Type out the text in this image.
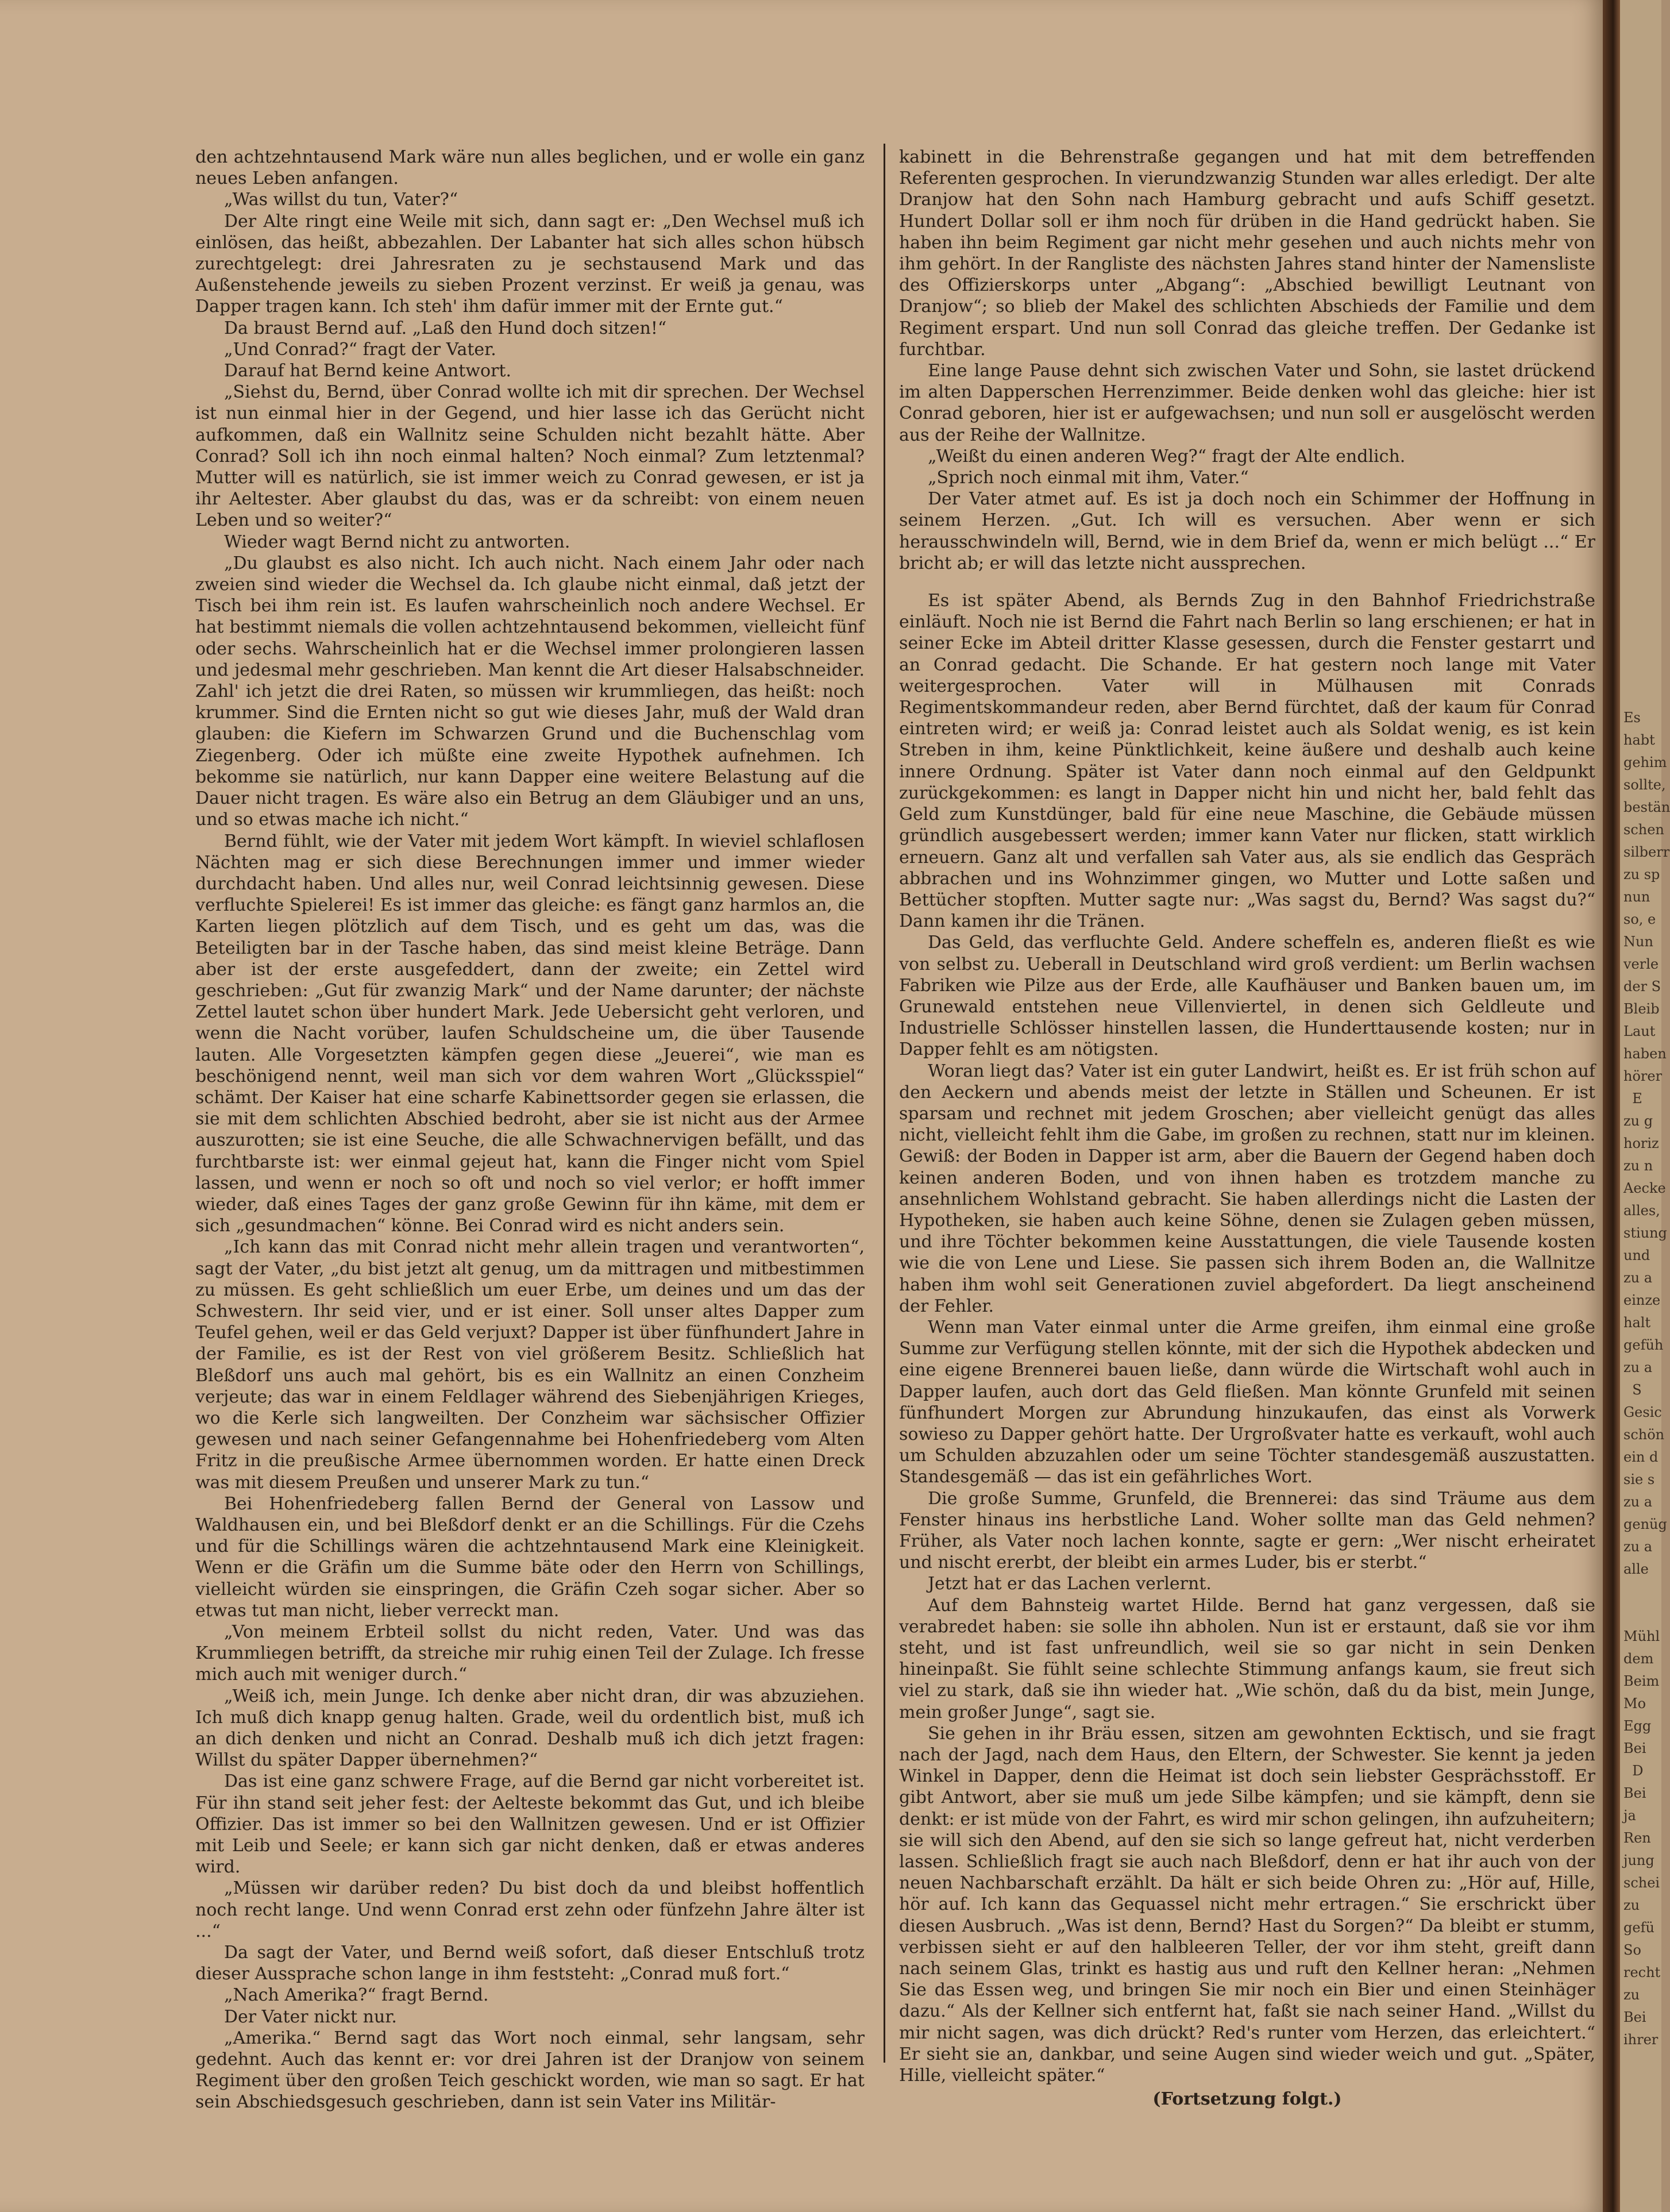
den achtzehntausend Mark wäre nun alles beglichen, und er wolle ein ganz neues Leben anfangen.

„Was willst du tun, Vater?“

Der Alte ringt eine Weile mit sich, dann sagt er: „Den Wechsel muß ich einlösen, das heißt, abbezahlen. Der Labanter hat sich alles schon hübsch zurechtgelegt: drei Jahresraten zu je sechstausend Mark und das Außenstehende jeweils zu sieben Prozent verzinst. Er weiß ja genau, was Dapper tragen kann. Ich steh' ihm dafür immer mit der Ernte gut.“

Da braust Bernd auf. „Laß den Hund doch sitzen!“

„Und Conrad?“ fragt der Vater.

Darauf hat Bernd keine Antwort.

„Siehst du, Bernd, über Conrad wollte ich mit dir sprechen. Der Wechsel ist nun einmal hier in der Gegend, und hier lasse ich das Gerücht nicht aufkommen, daß ein Wallnitz seine Schulden nicht bezahlt hätte. Aber Conrad? Soll ich ihn noch einmal halten? Noch einmal? Zum letztenmal? Mutter will es natürlich, sie ist immer weich zu Conrad gewesen, er ist ja ihr Aeltester. Aber glaubst du das, was er da schreibt: von einem neuen Leben und so weiter?“

Wieder wagt Bernd nicht zu antworten.

„Du glaubst es also nicht. Ich auch nicht. Nach einem Jahr oder nach zweien sind wieder die Wechsel da. Ich glaube nicht einmal, daß jetzt der Tisch bei ihm rein ist. Es laufen wahrscheinlich noch andere Wechsel. Er hat bestimmt niemals die vollen achtzehntausend bekommen, vielleicht fünf oder sechs. Wahrscheinlich hat er die Wechsel immer prolongieren lassen und jedesmal mehr geschrieben. Man kennt die Art dieser Halsabschneider. Zahl' ich jetzt die drei Raten, so müssen wir krummliegen, das heißt: noch krummer. Sind die Ernten nicht so gut wie dieses Jahr, muß der Wald dran glauben: die Kiefern im Schwarzen Grund und die Buchenschlag vom Ziegenberg. Oder ich müßte eine zweite Hypothek aufnehmen. Ich bekomme sie natürlich, nur kann Dapper eine weitere Belastung auf die Dauer nicht tragen. Es wäre also ein Betrug an dem Gläubiger und an uns, und so etwas mache ich nicht.“

Bernd fühlt, wie der Vater mit jedem Wort kämpft. In wieviel schlaflosen Nächten mag er sich diese Berechnungen immer und immer wieder durchdacht haben. Und alles nur, weil Conrad leichtsinnig gewesen. Diese verfluchte Spielerei! Es ist immer das gleiche: es fängt ganz harmlos an, die Karten liegen plötzlich auf dem Tisch, und es geht um das, was die Beteiligten bar in der Tasche haben, das sind meist kleine Beträge. Dann aber ist der erste ausgefeddert, dann der zweite; ein Zettel wird geschrieben: „Gut für zwanzig Mark“ und der Name darunter; der nächste Zettel lautet schon über hundert Mark. Jede Uebersicht geht verloren, und wenn die Nacht vorüber, laufen Schuldscheine um, die über Tausende lauten. Alle Vorgesetzten kämpfen gegen diese „Jeuerei“, wie man es beschönigend nennt, weil man sich vor dem wahren Wort „Glücksspiel“ schämt. Der Kaiser hat eine scharfe Kabinettsorder gegen sie erlassen, die sie mit dem schlichten Abschied bedroht, aber sie ist nicht aus der Armee auszurotten; sie ist eine Seuche, die alle Schwachnervigen befällt, und das furchtbarste ist: wer einmal gejeut hat, kann die Finger nicht vom Spiel lassen, und wenn er noch so oft und noch so viel verlor; er hofft immer wieder, daß eines Tages der ganz große Gewinn für ihn käme, mit dem er sich „gesundmachen“ könne. Bei Conrad wird es nicht anders sein.

„Ich kann das mit Conrad nicht mehr allein tragen und verantworten“, sagt der Vater, „du bist jetzt alt genug, um da mittragen und mitbestimmen zu müssen. Es geht schließlich um euer Erbe, um deines und um das der Schwestern. Ihr seid vier, und er ist einer. Soll unser altes Dapper zum Teufel gehen, weil er das Geld verjuxt? Dapper ist über fünfhundert Jahre in der Familie, es ist der Rest von viel größerem Besitz. Schließlich hat Bleßdorf uns auch mal gehört, bis es ein Wallnitz an einen Conzheim verjeute; das war in einem Feldlager während des Siebenjährigen Krieges, wo die Kerle sich langweilten. Der Conzheim war sächsischer Offizier gewesen und nach seiner Gefangennahme bei Hohenfriedeberg vom Alten Fritz in die preußische Armee übernommen worden. Er hatte einen Dreck was mit diesem Preußen und unserer Mark zu tun.“

Bei Hohenfriedeberg fallen Bernd der General von Lassow und Waldhausen ein, und bei Bleßdorf denkt er an die Schillings. Für die Czehs und für die Schillings wären die achtzehntausend Mark eine Kleinigkeit. Wenn er die Gräfin um die Summe bäte oder den Herrn von Schillings, vielleicht würden sie einspringen, die Gräfin Czeh sogar sicher. Aber so etwas tut man nicht, lieber verreckt man.

„Von meinem Erbteil sollst du nicht reden, Vater. Und was das Krummliegen betrifft, da streiche mir ruhig einen Teil der Zulage. Ich fresse mich auch mit weniger durch.“

„Weiß ich, mein Junge. Ich denke aber nicht dran, dir was abzuziehen. Ich muß dich knapp genug halten. Grade, weil du ordentlich bist, muß ich an dich denken und nicht an Conrad. Deshalb muß ich dich jetzt fragen: Willst du später Dapper übernehmen?“

Das ist eine ganz schwere Frage, auf die Bernd gar nicht vorbereitet ist. Für ihn stand seit jeher fest: der Aelteste bekommt das Gut, und ich bleibe Offizier. Das ist immer so bei den Wallnitzen gewesen. Und er ist Offizier mit Leib und Seele; er kann sich gar nicht denken, daß er etwas anderes wird.

„Müssen wir darüber reden? Du bist doch da und bleibst hoffentlich noch recht lange. Und wenn Conrad erst zehn oder fünfzehn Jahre älter ist ...“

Da sagt der Vater, und Bernd weiß sofort, daß dieser Entschluß trotz dieser Aussprache schon lange in ihm feststeht: „Conrad muß fort.“

„Nach Amerika?“ fragt Bernd.

Der Vater nickt nur.

„Amerika.“ Bernd sagt das Wort noch einmal, sehr langsam, sehr gedehnt. Auch das kennt er: vor drei Jahren ist der Dranjow von seinem Regiment über den großen Teich geschickt worden, wie man so sagt. Er hat sein Abschiedsgesuch geschrieben, dann ist sein Vater ins Militär-

kabinett in die Behrenstraße gegangen und hat mit dem betreffenden Referenten gesprochen. In vierundzwanzig Stunden war alles erledigt. Der alte Dranjow hat den Sohn nach Hamburg gebracht und aufs Schiff gesetzt. Hundert Dollar soll er ihm noch für drüben in die Hand gedrückt haben. Sie haben ihn beim Regiment gar nicht mehr gesehen und auch nichts mehr von ihm gehört. In der Rangliste des nächsten Jahres stand hinter der Namensliste des Offizierskorps unter „Abgang“: „Abschied bewilligt Leutnant von Dranjow“; so blieb der Makel des schlichten Abschieds der Familie und dem Regiment erspart. Und nun soll Conrad das gleiche treffen. Der Gedanke ist furchtbar.

Eine lange Pause dehnt sich zwischen Vater und Sohn, sie lastet drückend im alten Dapperschen Herrenzimmer. Beide denken wohl das gleiche: hier ist Conrad geboren, hier ist er aufgewachsen; und nun soll er ausgelöscht werden aus der Reihe der Wallnitze.

„Weißt du einen anderen Weg?“ fragt der Alte endlich.

„Sprich noch einmal mit ihm, Vater.“

Der Vater atmet auf. Es ist ja doch noch ein Schimmer der Hoffnung in seinem Herzen. „Gut. Ich will es versuchen. Aber wenn er sich herausschwindeln will, Bernd, wie in dem Brief da, wenn er mich belügt ...“ Er bricht ab; er will das letzte nicht aussprechen.

Es ist später Abend, als Bernds Zug in den Bahnhof Friedrichstraße einläuft. Noch nie ist Bernd die Fahrt nach Berlin so lang erschienen; er hat in seiner Ecke im Abteil dritter Klasse gesessen, durch die Fenster gestarrt und an Conrad gedacht. Die Schande. Er hat gestern noch lange mit Vater weitergesprochen. Vater will in Mülhausen mit Conrads Regimentskommandeur reden, aber Bernd fürchtet, daß der kaum für Conrad eintreten wird; er weiß ja: Conrad leistet auch als Soldat wenig, es ist kein Streben in ihm, keine Pünktlichkeit, keine äußere und deshalb auch keine innere Ordnung. Später ist Vater dann noch einmal auf den Geldpunkt zurückgekommen: es langt in Dapper nicht hin und nicht her, bald fehlt das Geld zum Kunstdünger, bald für eine neue Maschine, die Gebäude müssen gründlich ausgebessert werden; immer kann Vater nur flicken, statt wirklich erneuern. Ganz alt und verfallen sah Vater aus, als sie endlich das Gespräch abbrachen und ins Wohnzimmer gingen, wo Mutter und Lotte saßen und Bettücher stopften. Mutter sagte nur: „Was sagst du, Bernd? Was sagst du?“ Dann kamen ihr die Tränen.

Das Geld, das verfluchte Geld. Andere scheffeln es, anderen fließt es wie von selbst zu. Ueberall in Deutschland wird groß verdient: um Berlin wachsen Fabriken wie Pilze aus der Erde, alle Kaufhäuser und Banken bauen um, im Grunewald entstehen neue Villenviertel, in denen sich Geldleute und Industrielle Schlösser hinstellen lassen, die Hunderttausende kosten; nur in Dapper fehlt es am nötigsten.

Woran liegt das? Vater ist ein guter Landwirt, heißt es. Er ist früh schon auf den Aeckern und abends meist der letzte in Ställen und Scheunen. Er ist sparsam und rechnet mit jedem Groschen; aber vielleicht genügt das alles nicht, vielleicht fehlt ihm die Gabe, im großen zu rechnen, statt nur im kleinen. Gewiß: der Boden in Dapper ist arm, aber die Bauern der Gegend haben doch keinen anderen Boden, und von ihnen haben es trotzdem manche zu ansehnlichem Wohlstand gebracht. Sie haben allerdings nicht die Lasten der Hypotheken, sie haben auch keine Söhne, denen sie Zulagen geben müssen, und ihre Töchter bekommen keine Ausstattungen, die viele Tausende kosten wie die von Lene und Liese. Sie passen sich ihrem Boden an, die Wallnitze haben ihm wohl seit Generationen zuviel abgefordert. Da liegt anscheinend der Fehler.

Wenn man Vater einmal unter die Arme greifen, ihm einmal eine große Summe zur Verfügung stellen könnte, mit der sich die Hypothek abdecken und eine eigene Brennerei bauen ließe, dann würde die Wirtschaft wohl auch in Dapper laufen, auch dort das Geld fließen. Man könnte Grunfeld mit seinen fünfhundert Morgen zur Abrundung hinzukaufen, das einst als Vorwerk sowieso zu Dapper gehört hatte. Der Urgroßvater hatte es verkauft, wohl auch um Schulden abzuzahlen oder um seine Töchter standesgemäß auszustatten. Standesgemäß — das ist ein gefährliches Wort.

Die große Summe, Grunfeld, die Brennerei: das sind Träume aus dem Fenster hinaus ins herbstliche Land. Woher sollte man das Geld nehmen? Früher, als Vater noch lachen konnte, sagte er gern: „Wer nischt erheiratet und nischt ererbt, der bleibt ein armes Luder, bis er sterbt.“

Jetzt hat er das Lachen verlernt.

Auf dem Bahnsteig wartet Hilde. Bernd hat ganz vergessen, daß sie verabredet haben: sie solle ihn abholen. Nun ist er erstaunt, daß sie vor ihm steht, und ist fast unfreundlich, weil sie so gar nicht in sein Denken hineinpaßt. Sie fühlt seine schlechte Stimmung anfangs kaum, sie freut sich viel zu stark, daß sie ihn wieder hat. „Wie schön, daß du da bist, mein Junge, mein großer Junge“, sagt sie.

Sie gehen in ihr Bräu essen, sitzen am gewohnten Ecktisch, und sie fragt nach der Jagd, nach dem Haus, den Eltern, der Schwester. Sie kennt ja jeden Winkel in Dapper, denn die Heimat ist doch sein liebster Gesprächsstoff. Er gibt Antwort, aber sie muß um jede Silbe kämpfen; und sie kämpft, denn sie denkt: er ist müde von der Fahrt, es wird mir schon gelingen, ihn aufzuheitern; sie will sich den Abend, auf den sie sich so lange gefreut hat, nicht verderben lassen. Schließlich fragt sie auch nach Bleßdorf, denn er hat ihr auch von der neuen Nachbarschaft erzählt. Da hält er sich beide Ohren zu: „Hör auf, Hille, hör auf. Ich kann das Gequassel nicht mehr ertragen.“ Sie erschrickt über diesen Ausbruch. „Was ist denn, Bernd? Hast du Sorgen?“ Da bleibt er stumm, verbissen sieht er auf den halbleeren Teller, der vor ihm steht, greift dann nach seinem Glas, trinkt es hastig aus und ruft den Kellner heran: „Nehmen Sie das Essen weg, und bringen Sie mir noch ein Bier und einen Steinhäger dazu.“ Als der Kellner sich entfernt hat, faßt sie nach seiner Hand. „Willst du mir nicht sagen, was dich drückt? Red's runter vom Herzen, das erleichtert.“ Er sieht sie an, dankbar, und seine Augen sind wieder weich und gut. „Später, Hille, vielleicht später.“

(Fortsetzung folgt.)

Es
habt
gehim
sollte,
bestän
schen
silberr
zu sp
nun
so, e
Nun
verle
der S
Bleib
Laut
haben
hörer
E
zu g
horiz
zu n
Aecke
alles,
stiung
und
zu a
einze
halt
gefüh
zu a
S
Gesic
schön
ein d
sie s
zu a
genüg
zu a
alle

Mühl
dem
Beim
Mo
Egg
Bei
D
Bei
ja
Ren
jung
schei
zu
gefü
So
recht
zu
Bei
ihrer
